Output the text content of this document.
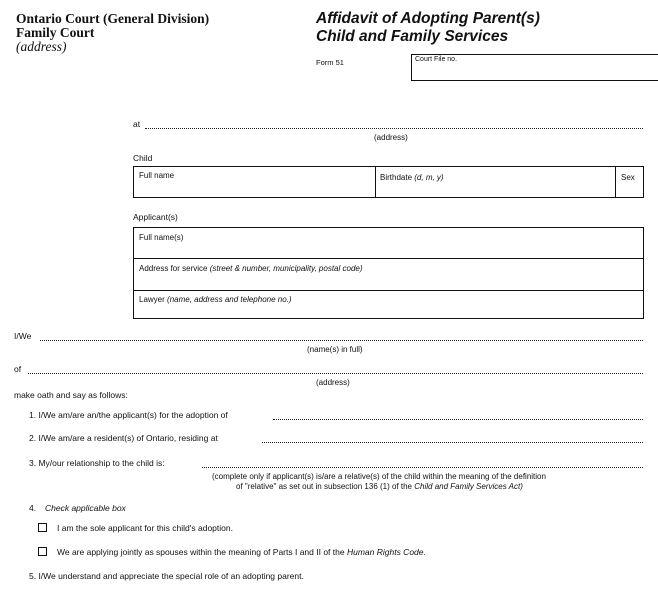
Ontario Court (General Division)
Family Court
(address)
Affidavit of Adopting Parent(s)
Child and Family Services
Form 51	Court File no.
at
(address)
Child
Full name	Birthdate (d, m, y)	Sex
Applicant(s)
Full name(s)
Address for service (street & number, municipality, postal code)
Lawyer (name, address and telephone no.)
I/We
(name(s) in full)
of
(address)
make oath and say as follows:
1. I/We am/are an/the applicant(s) for the adoption of
2. I/We am/are a resident(s) of Ontario, residing at
3. My/our relationship to the child is:
(complete only if applicant(s) is/are a relative(s) of the child within the meaning of the definition
of "relative" as set out in subsection 136 (1) of the Child and Family Services Act)
4. Check applicable box
I am the sole applicant for this child's adoption.
We are applying jointly as spouses within the meaning of Parts I and II of the Human Rights Code.
5. I/We understand and appreciate the special role of an adopting parent.
